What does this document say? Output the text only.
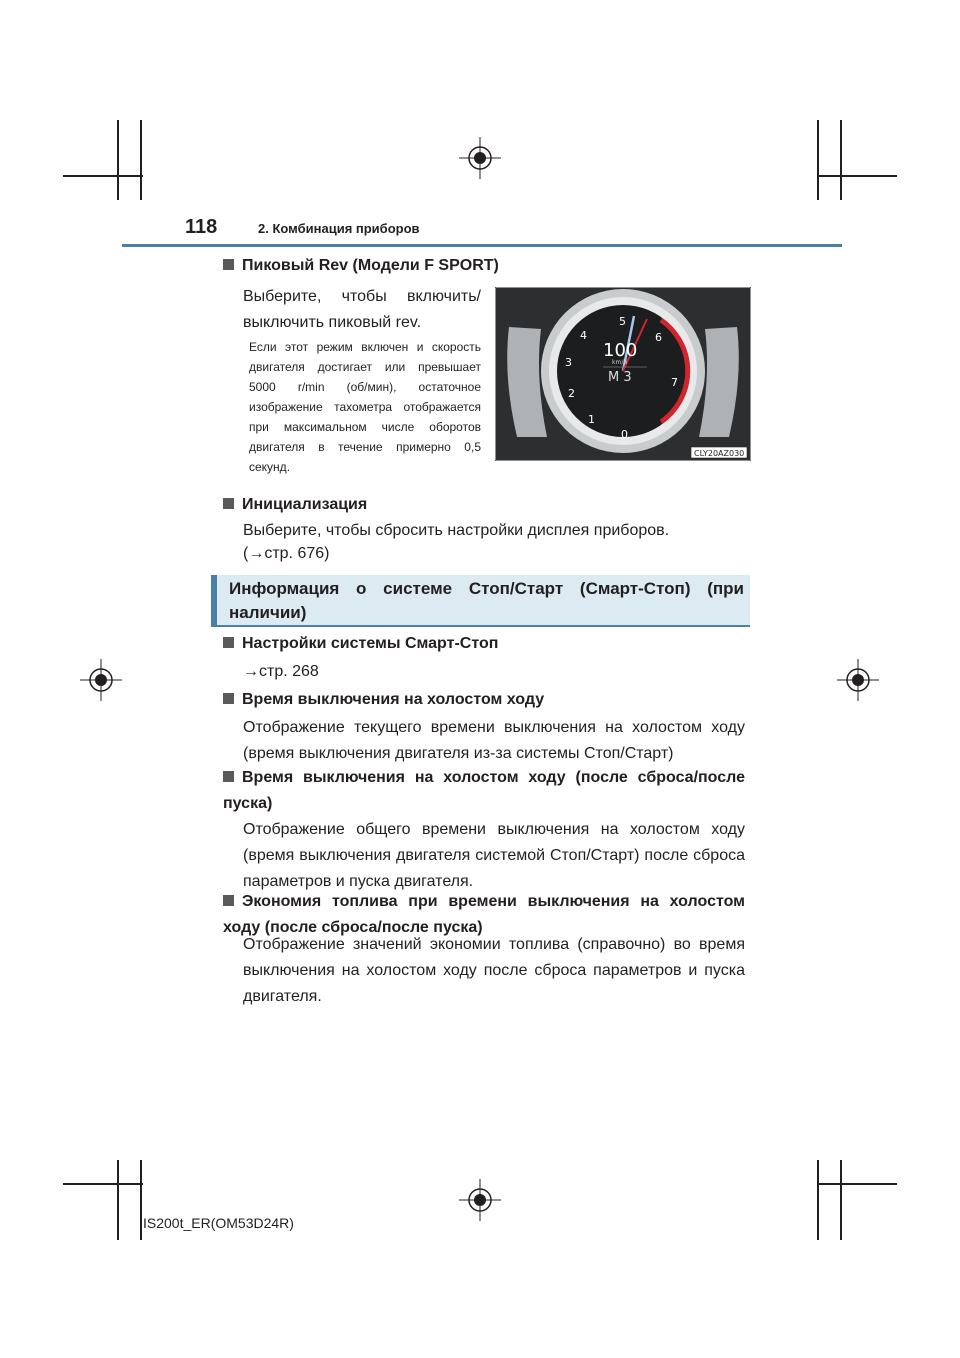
118	2. Комбинация приборов
Пиковый Rev (Модели F SPORT)
Выберите, чтобы включить/выключить пиковый rev.
Если этот режим включен и скорость двигателя достигает или превышает 5000 r/min (об/мин), остаточное изображение тахометра отображается при максимальном числе оборотов двигателя в течение примерно 0,5 секунд.
0
1
2
3
4
5
6
7
100
km/h
M 3
CLY20AZ030
Инициализация
Выберите, чтобы сбросить настройки дисплея приборов.
(→стр. 676)
Информация о системе Стоп/Старт (Смарт-Стоп) (при наличии)
Настройки системы Смарт-Стоп
→стр. 268
Время выключения на холостом ходу
Отображение текущего времени выключения на холостом ходу (время выключения двигателя из-за системы Стоп/Старт)
Время выключения на холостом ходу (после сброса/после пуска)
Отображение общего времени выключения на холостом ходу (время выключения двигателя системой Стоп/Старт) после сброса параметров и пуска двигателя.
Экономия топлива при времени выключения на холостом ходу (после сброса/после пуска)
Отображение значений экономии топлива (справочно) во время выключения на холостом ходу после сброса параметров и пуска двигателя.
IS200t_ER(OM53D24R)
